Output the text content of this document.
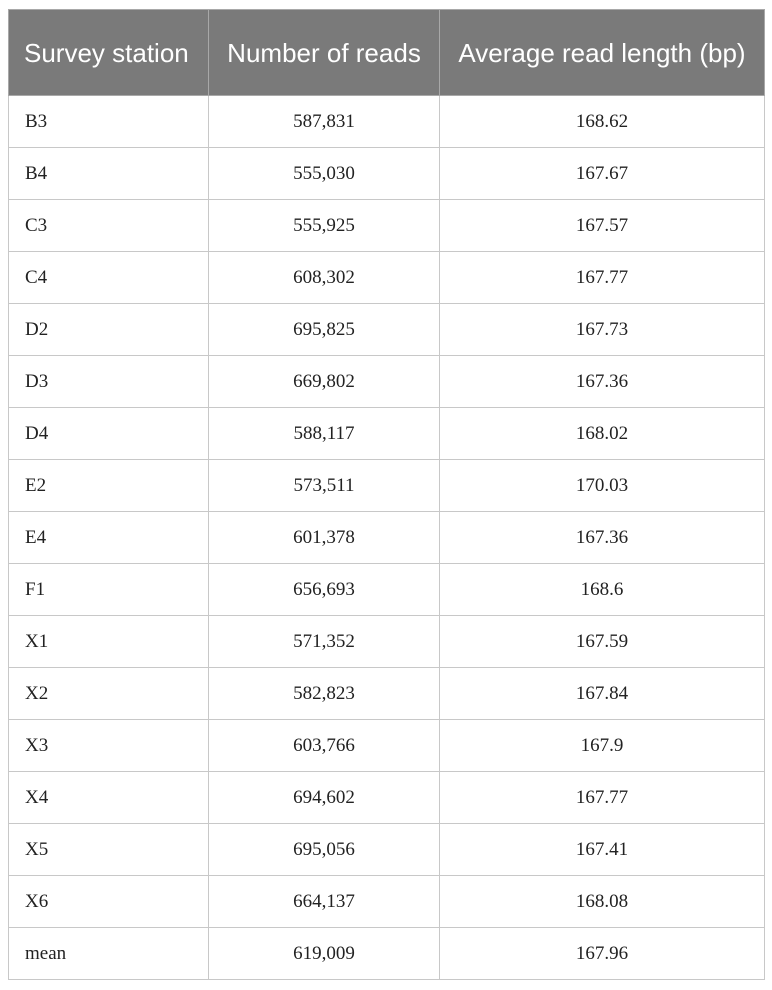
Survey station	Number of reads	Average read length (bp)
B3	587,831	168.62
B4	555,030	167.67
C3	555,925	167.57
C4	608,302	167.77
D2	695,825	167.73
D3	669,802	167.36
D4	588,117	168.02
E2	573,511	170.03
E4	601,378	167.36
F1	656,693	168.6
X1	571,352	167.59
X2	582,823	167.84
X3	603,766	167.9
X4	694,602	167.77
X5	695,056	167.41
X6	664,137	168.08
mean	619,009	167.96
